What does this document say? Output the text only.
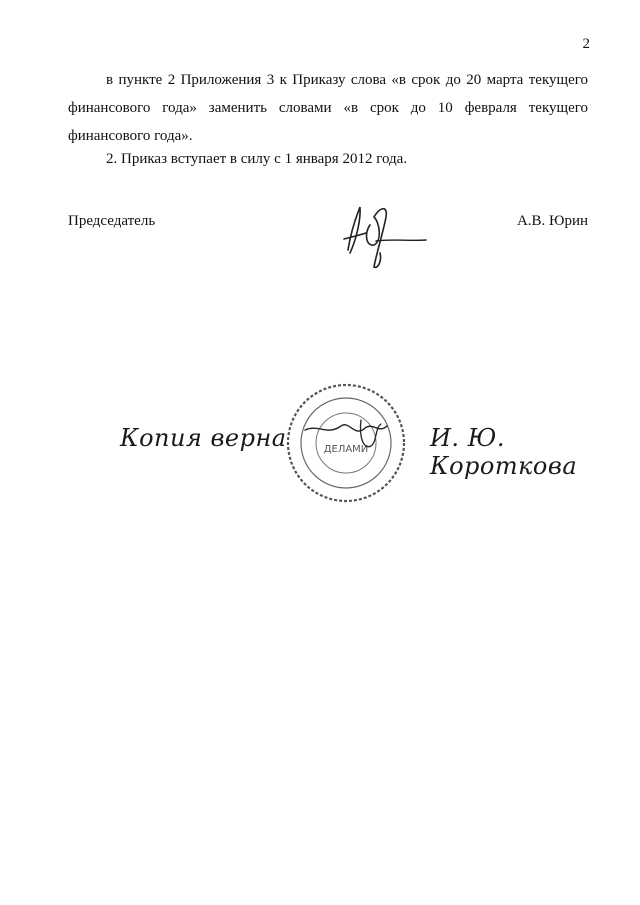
2

в пункте 2 Приложения 3 к Приказу слова «в срок до 20 марта текущего финансового года» заменить словами «в срок до 10 февраля текущего финансового года».

2. Приказ вступает в силу с 1 января 2012 года.

Председатель	А.В. Юрин
Копия верна	ДЕЛАМИ	И. Ю. Короткова
